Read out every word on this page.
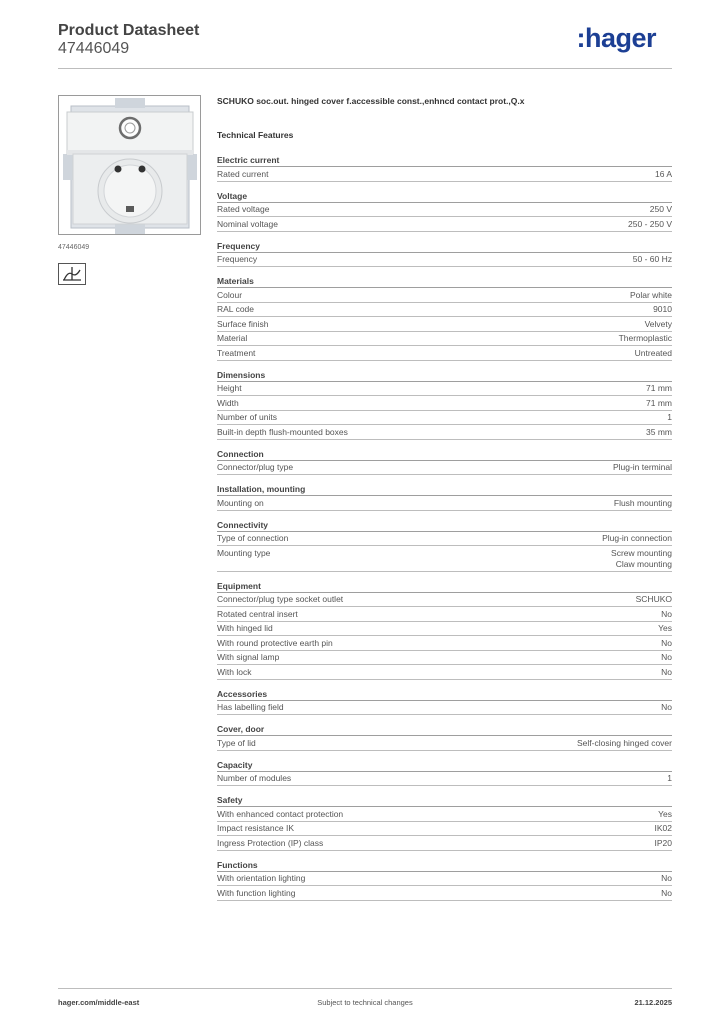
Product Datasheet
47446049	:hager
47446049
SCHUKO soc.out. hinged cover f.accessible const.,enhncd contact prot.,Q.x
Technical Features
Electric current
Rated current	16 A
Voltage
Rated voltage	250 V
Nominal voltage	250 - 250 V
Frequency
Frequency	50 - 60 Hz
Materials
Colour	Polar white
RAL code	9010
Surface finish	Velvety
Material	Thermoplastic
Treatment	Untreated
Dimensions
Height	71 mm
Width	71 mm
Number of units	1
Built-in depth flush-mounted boxes	35 mm
Connection
Connector/plug type	Plug-in terminal
Installation, mounting
Mounting on	Flush mounting
Connectivity
Type of connection	Plug-in connection
Mounting type	Screw mounting
Claw mounting
Equipment
Connector/plug type socket outlet	SCHUKO
Rotated central insert	No
With hinged lid	Yes
With round protective earth pin	No
With signal lamp	No
With lock	No
Accessories
Has labelling field	No
Cover, door
Type of lid	Self-closing hinged cover
Capacity
Number of modules	1
Safety
With enhanced contact protection	Yes
Impact resistance IK	IK02
Ingress Protection (IP) class	IP20
Functions
With orientation lighting	No
With function lighting	No
hager.com/middle-east	Subject to technical changes	21.12.2025
